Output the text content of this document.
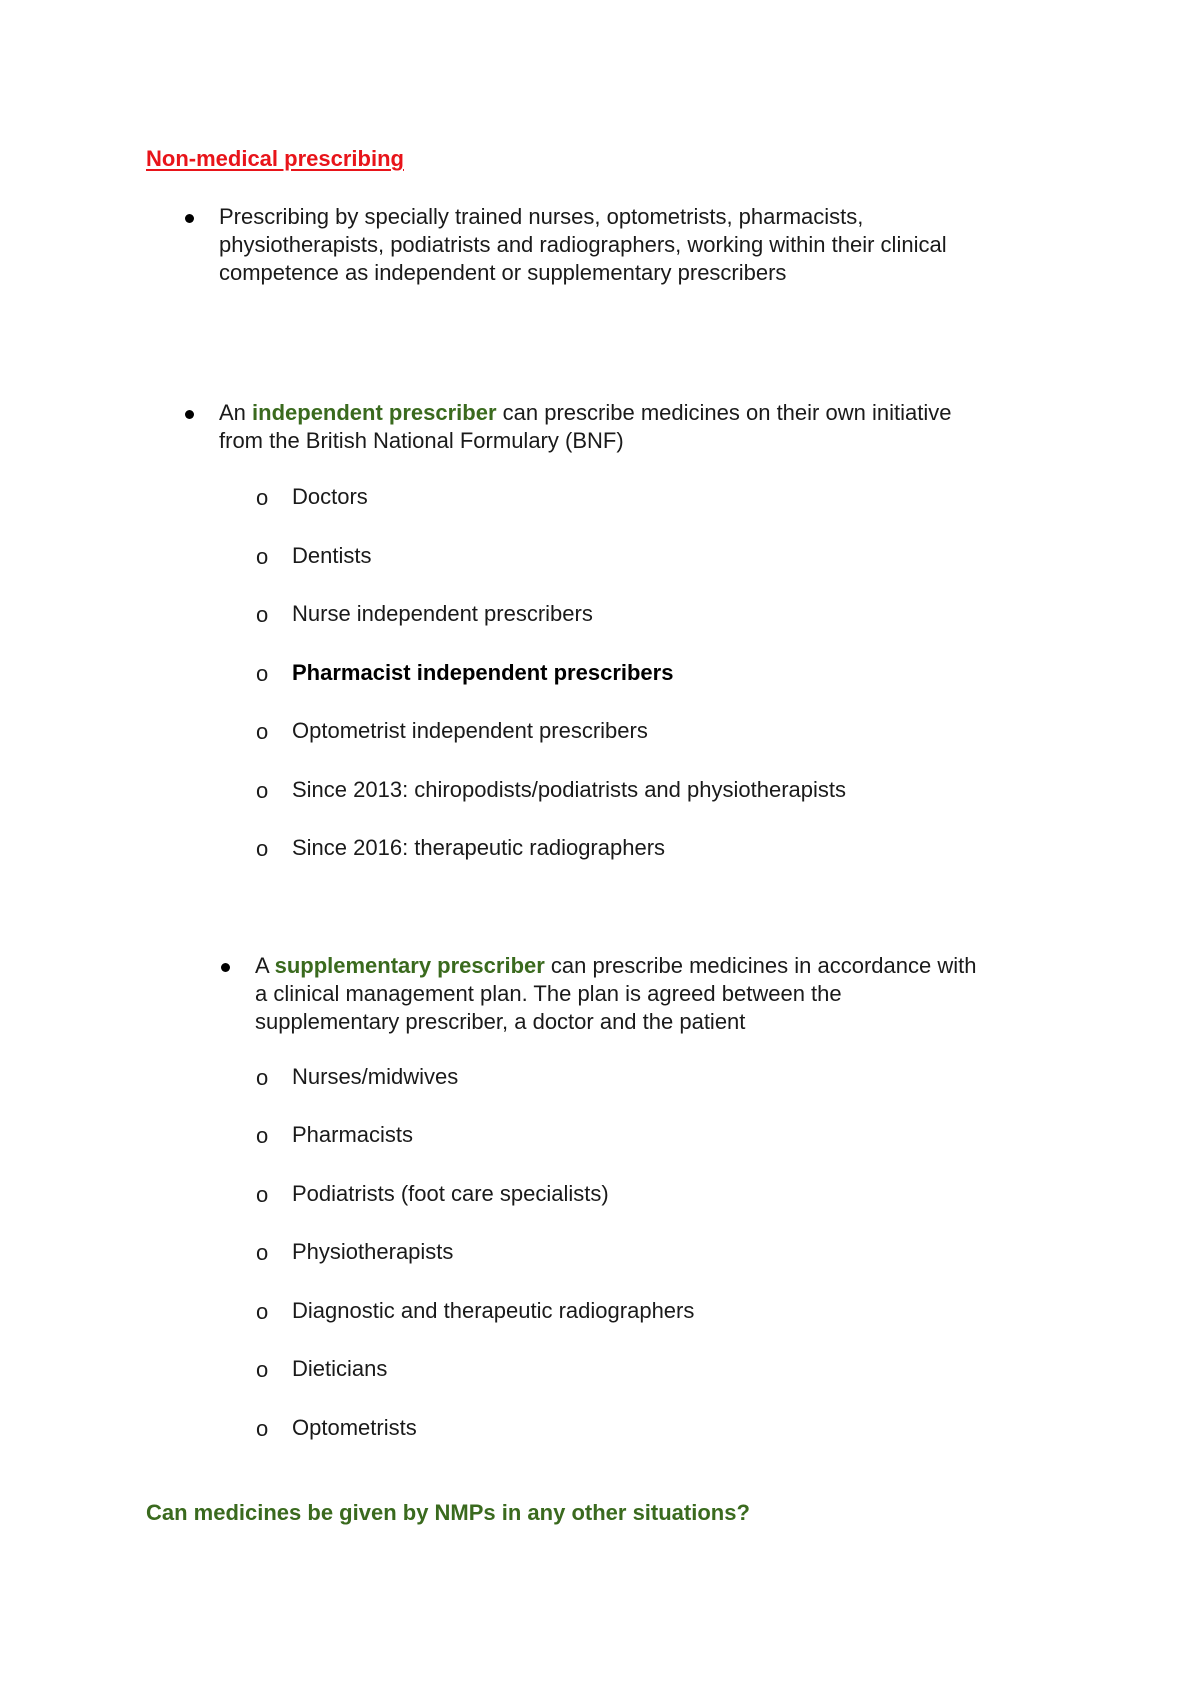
Non-medical prescribing

Prescribing by specially trained nurses, optometrists, pharmacists,
physiotherapists, podiatrists and radiographers, working within their clinical
competence as independent or supplementary prescribers

An independent prescriber can prescribe medicines on their own initiative
from the British National Formulary (BNF)

o Doctors

o Dentists

o Nurse independent prescribers

o Pharmacist independent prescribers

o Optometrist independent prescribers

o Since 2013: chiropodists/podiatrists and physiotherapists

o Since 2016: therapeutic radiographers

A supplementary prescriber can prescribe medicines in accordance with
a clinical management plan. The plan is agreed between the
supplementary prescriber, a doctor and the patient

o Nurses/midwives

o Pharmacists

o Podiatrists (foot care specialists)

o Physiotherapists

o Diagnostic and therapeutic radiographers

o Dieticians

o Optometrists

Can medicines be given by NMPs in any other situations?
